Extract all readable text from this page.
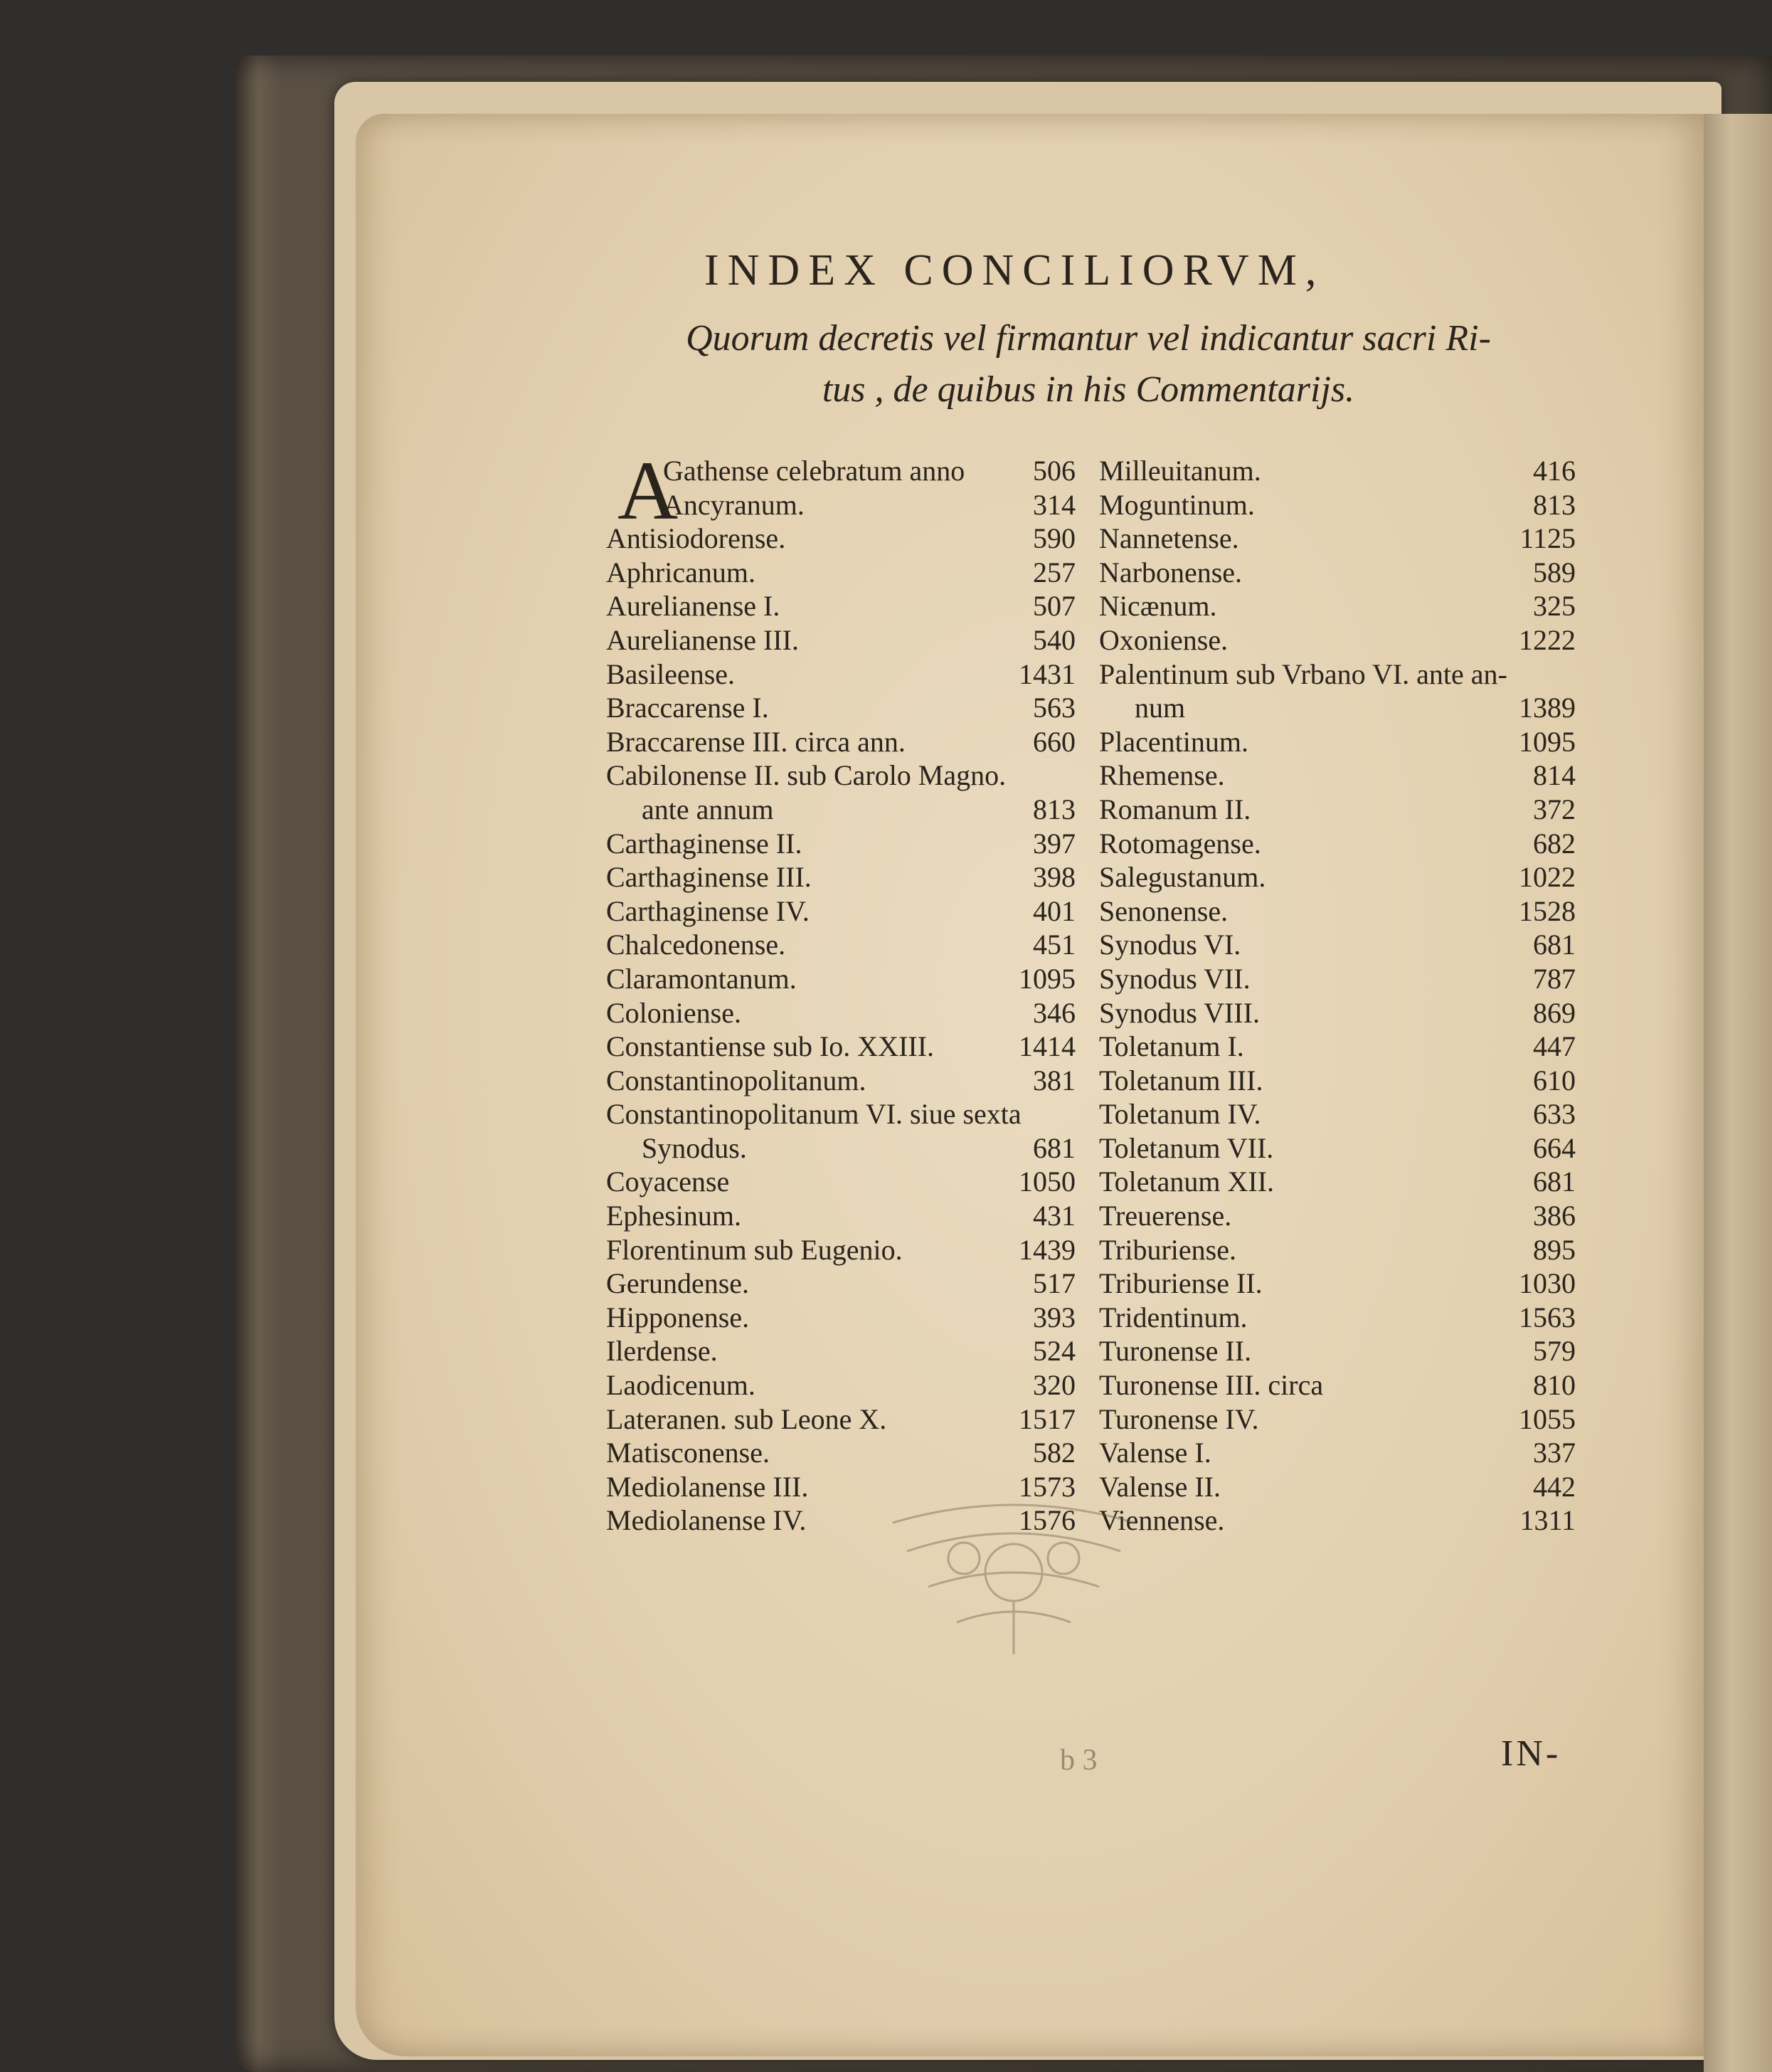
INDEX CONCILIORVM,
Quorum decretis vel firmantur vel indicantur sacri Ri-
tus , de quibus in his Commentarijs.
A
Gathense celebratum anno	506
Ancyranum.	314
Antisiodorense.	590
Aphricanum.	257
Aurelianense I.	507
Aurelianense III.	540
Basileense.	1431
Braccarense I.	563
Braccarense III. circa ann.	660
Cabilonense II. sub Carolo Magno.
ante annum	813
Carthaginense II.	397
Carthaginense III.	398
Carthaginense IV.	401
Chalcedonense.	451
Claramontanum.	1095
Coloniense.	346
Constantiense sub Io. XXIII.	1414
Constantinopolitanum.	381
Constantinopolitanum VI. siue sexta
Synodus.	681
Coyacense	1050
Ephesinum.	431
Florentinum sub Eugenio.	1439
Gerundense.	517
Hipponense.	393
Ilerdense.	524
Laodicenum.	320
Lateranen. sub Leone X.	1517
Matisconense.	582
Mediolanense III.	1573
Mediolanense IV.	1576
Milleuitanum.	416
Moguntinum.	813
Nannetense.	1125
Narbonense.	589
Nicænum.	325
Oxoniense.	1222
Palentinum sub Vrbano VI. ante an-
num	1389
Placentinum.	1095
Rhemense.	814
Romanum II.	372
Rotomagense.	682
Salegustanum.	1022
Senonense.	1528
Synodus VI.	681
Synodus VII.	787
Synodus VIII.	869
Toletanum I.	447
Toletanum III.	610
Toletanum IV.	633
Toletanum VII.	664
Toletanum XII.	681
Treuerense.	386
Triburiense.	895
Triburiense II.	1030
Tridentinum.	1563
Turonense II.	579
Turonense III. circa	810
Turonense IV.	1055
Valense I.	337
Valense II.	442
Viennense.	1311
b 3	IN-
